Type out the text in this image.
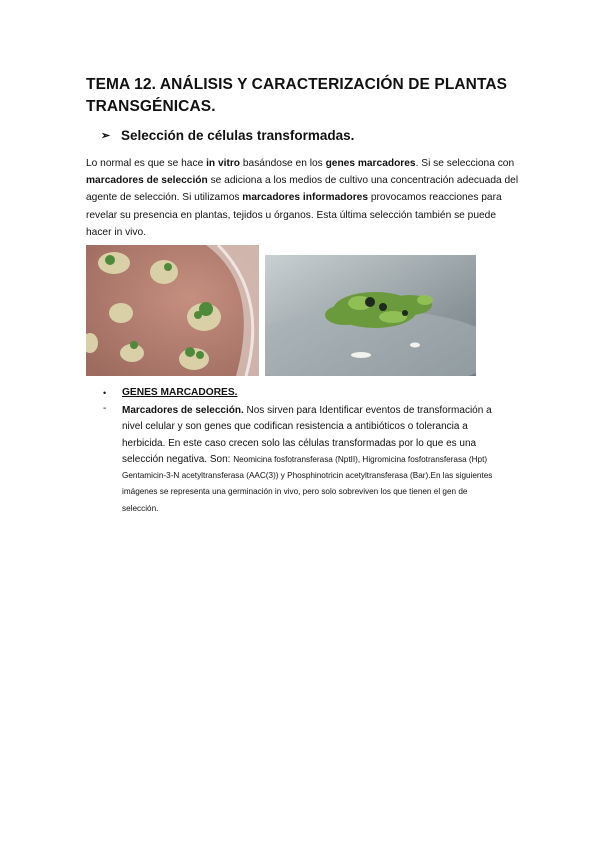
TEMA 12. ANÁLISIS Y CARACTERIZACIÓN DE PLANTAS TRANSGÉNICAS.
➢ Selección de células transformadas.
Lo normal es que se hace in vitro basándose en los genes marcadores. Si se selecciona con marcadores de selección se adiciona a los medios de cultivo una concentración adecuada del agente de selección. Si utilizamos marcadores informadores provocamos reacciones para revelar su presencia en plantas, tejidos u órganos. Esta última selección también se puede hacer in vivo.
•	GENES MARCADORES.
- Marcadores de selección. Nos sirven para Identificar eventos de transformación a nivel celular y son genes que codifican resistencia a antibióticos o tolerancia a herbicida. En este caso crecen solo las células transformadas por lo que es una selección negativa. Son: Neomicina fosfotransferasa (NptII), Higromicina fosfotransferasa (Hpt) Gentamicin-3-N acetyltransferasa (AAC(3)) y Phosphinotricin acetyltransferasa (Bar).En las siguientes imágenes se representa una germinación in vivo, pero solo sobreviven los que tienen el gen de selección.
